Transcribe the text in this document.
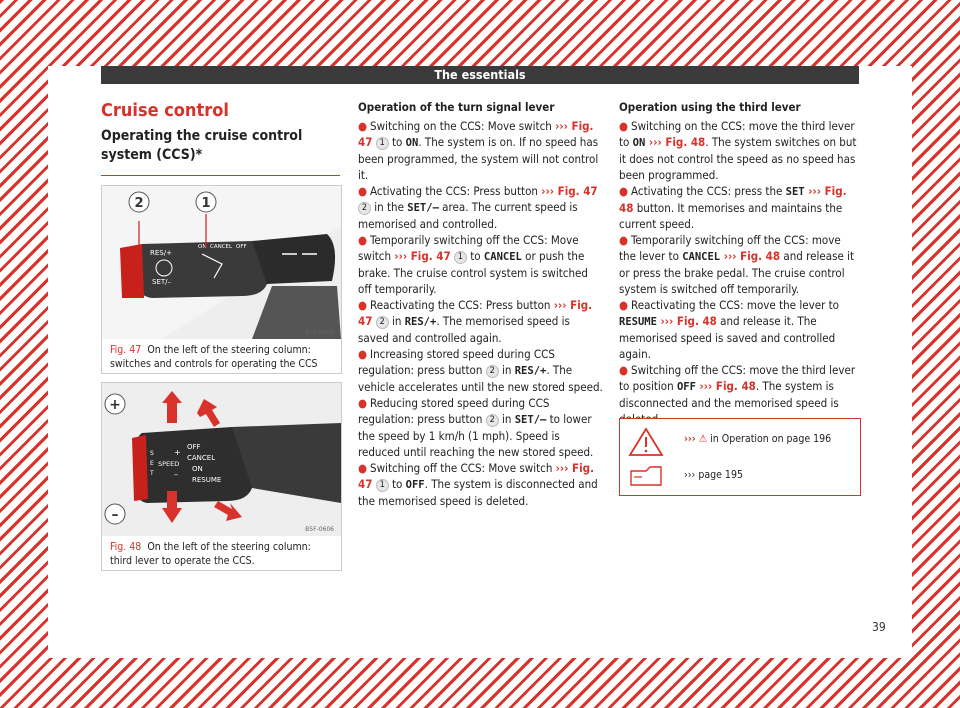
The essentials

Cruise control

Operating the cruise control system (CCS)*

RES/+
ON CANCEL OFF
SET/–
2	1
B5F-0605
Fig. 47 On the left of the steering column: switches and controls for operating the CCS
+
–
S
E
T
SPEED
+
–
OFF
CANCEL
ON
RESUME
B5F-0606
Fig. 48 On the left of the steering column: third lever to operate the CCS.

Operation of the turn signal lever

● Switching on the CCS: Move switch ››› Fig. 47 1 to ON. The system is on. If no speed has been programmed, the system will not control it.

● Activating the CCS: Press button ››› Fig. 47 2 in the SET/– area. The current speed is memorised and controlled.

● Temporarily switching off the CCS: Move switch ››› Fig. 47 1 to CANCEL or push the brake. The cruise control system is switched off temporarily.

● Reactivating the CCS: Press button ››› Fig. 47 2 in RES/+. The memorised speed is saved and controlled again.

● Increasing stored speed during CCS regulation: press button 2 in RES/+. The vehicle accelerates until the new stored speed.

● Reducing stored speed during CCS regulation: press button 2 in SET/– to lower the speed by 1 km/h (1 mph). Speed is reduced until reaching the new stored speed.

● Switching off the CCS: Move switch ››› Fig. 47 1 to OFF. The system is disconnected and the memorised speed is deleted.

Operation using the third lever

● Switching on the CCS: move the third lever to ON ››› Fig. 48. The system switches on but it does not control the speed as no speed has been programmed.

● Activating the CCS: press the SET ››› Fig. 48 button. It memorises and maintains the current speed.

● Temporarily switching off the CCS: move the lever to CANCEL ››› Fig. 48 and release it or press the brake pedal. The cruise control system is switched off temporarily.

● Reactivating the CCS: move the lever to RESUME ››› Fig. 48 and release it. The memorised speed is saved and controlled again.

● Switching off the CCS: move the third lever to position OFF ››› Fig. 48. The system is disconnected and the memorised speed is

››› ⚠ in Operation on page 196
››› page 195
39
